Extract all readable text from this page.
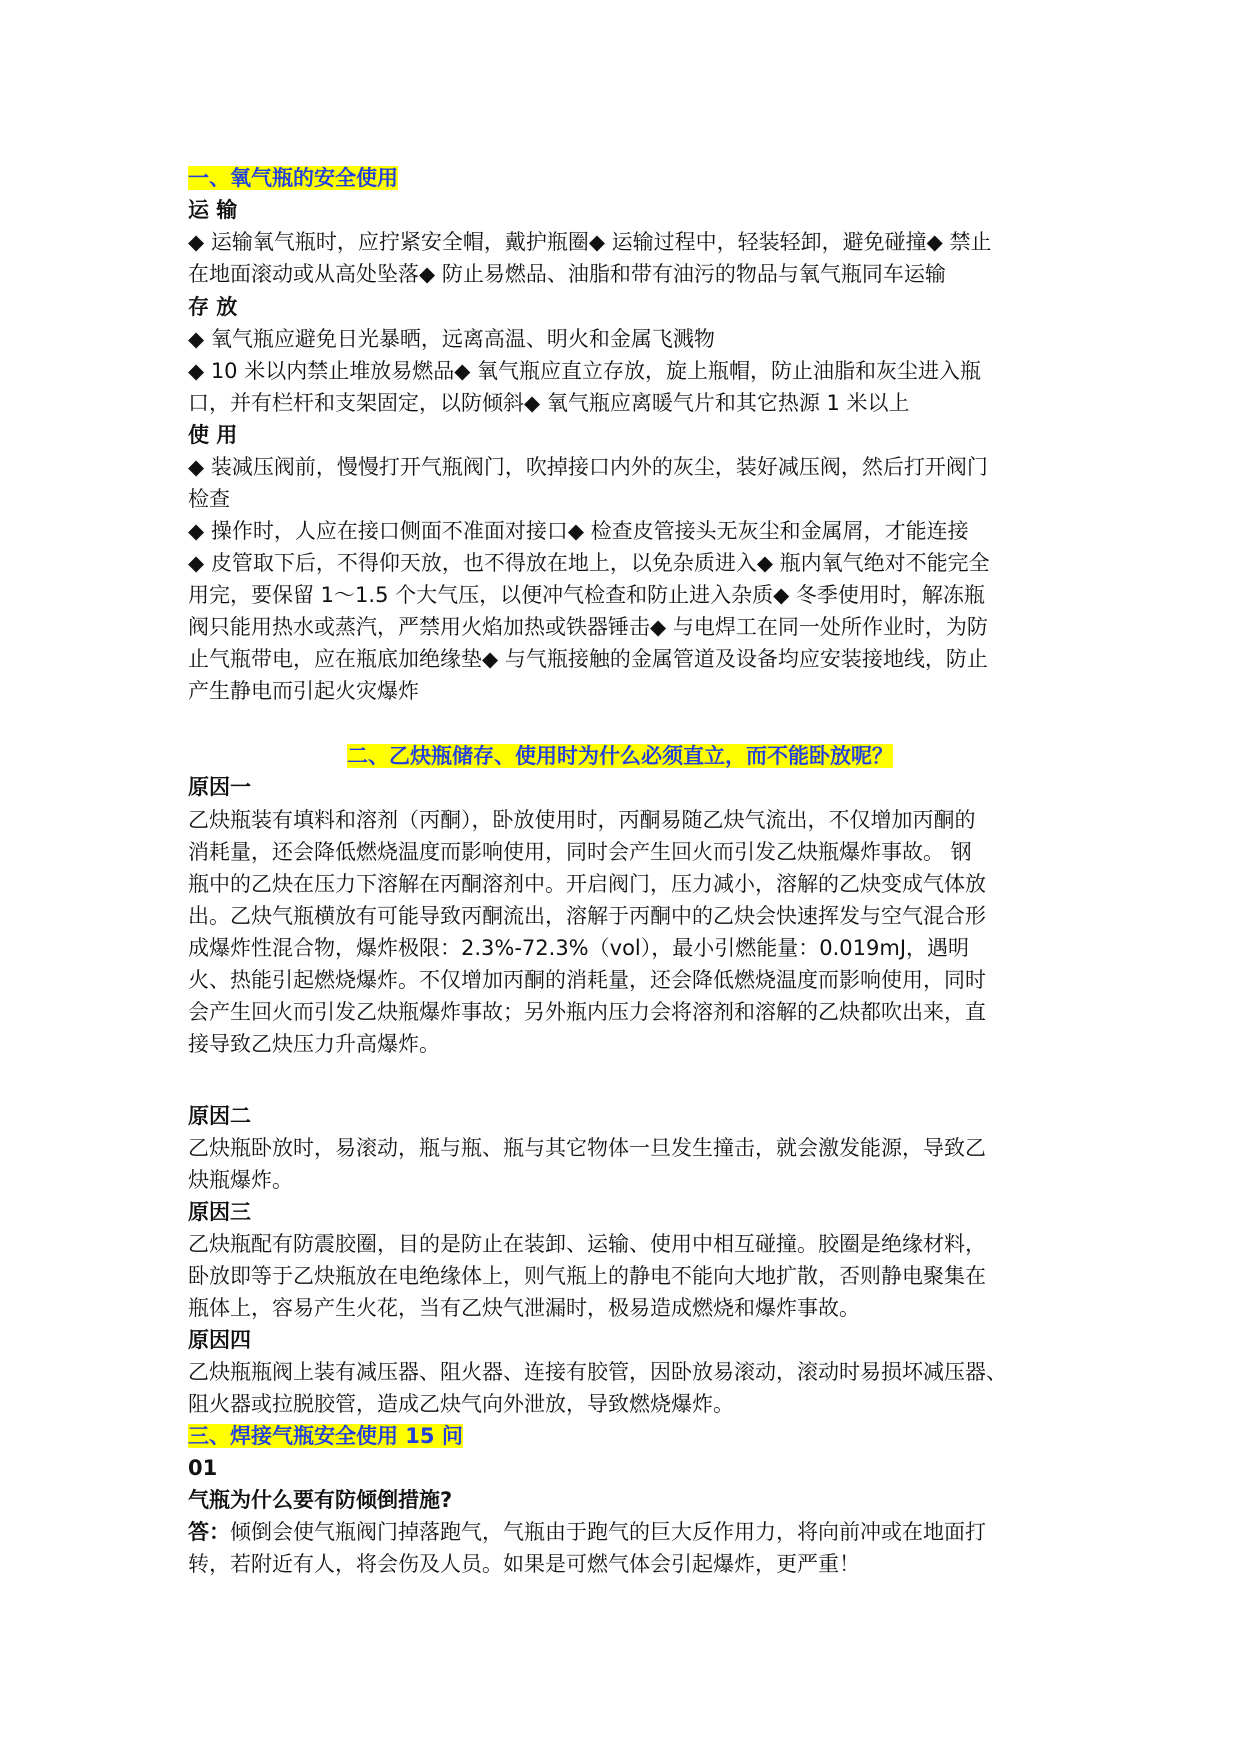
一、氧气瓶的安全使用
运 输
◆ 运输氧气瓶时，应拧紧安全帽，戴护瓶圈◆ 运输过程中，轻装轻卸，避免碰撞◆ 禁止
在地面滚动或从高处坠落◆ 防止易燃品、油脂和带有油污的物品与氧气瓶同车运输
存 放
◆ 氧气瓶应避免日光暴晒，远离高温、明火和金属飞溅物
◆ 10 米以内禁止堆放易燃品◆ 氧气瓶应直立存放，旋上瓶帽，防止油脂和灰尘进入瓶
口，并有栏杆和支架固定，以防倾斜◆ 氧气瓶应离暖气片和其它热源 1 米以上
使 用
◆ 装减压阀前，慢慢打开气瓶阀门，吹掉接口内外的灰尘，装好减压阀，然后打开阀门
检查
◆ 操作时，人应在接口侧面不准面对接口◆ 检查皮管接头无灰尘和金属屑，才能连接
◆ 皮管取下后，不得仰天放，也不得放在地上，以免杂质进入◆ 瓶内氧气绝对不能完全
用完，要保留 1～1.5 个大气压，以便冲气检查和防止进入杂质◆ 冬季使用时，解冻瓶
阀只能用热水或蒸汽，严禁用火焰加热或铁器锤击◆ 与电焊工在同一处所作业时，为防
止气瓶带电，应在瓶底加绝缘垫◆ 与气瓶接触的金属管道及设备均应安装接地线，防止
产生静电而引起火灾爆炸
二、乙炔瓶储存、使用时为什么必须直立，而不能卧放呢？
原因一
乙炔瓶装有填料和溶剂（丙酮），卧放使用时，丙酮易随乙炔气流出，不仅增加丙酮的
消耗量，还会降低燃烧温度而影响使用，同时会产生回火而引发乙炔瓶爆炸事故。 钢
瓶中的乙炔在压力下溶解在丙酮溶剂中。开启阀门，压力减小，溶解的乙炔变成气体放
出。乙炔气瓶横放有可能导致丙酮流出，溶解于丙酮中的乙炔会快速挥发与空气混合形
成爆炸性混合物，爆炸极限：2.3%-72.3%（vol），最小引燃能量：0.019mJ，遇明
火、热能引起燃烧爆炸。不仅增加丙酮的消耗量，还会降低燃烧温度而影响使用，同时
会产生回火而引发乙炔瓶爆炸事故；另外瓶内压力会将溶剂和溶解的乙炔都吹出来，直
接导致乙炔压力升高爆炸。
原因二
乙炔瓶卧放时，易滚动，瓶与瓶、瓶与其它物体一旦发生撞击，就会激发能源，导致乙
炔瓶爆炸。
原因三
乙炔瓶配有防震胶圈，目的是防止在装卸、运输、使用中相互碰撞。胶圈是绝缘材料，
卧放即等于乙炔瓶放在电绝缘体上，则气瓶上的静电不能向大地扩散，否则静电聚集在
瓶体上，容易产生火花，当有乙炔气泄漏时，极易造成燃烧和爆炸事故。
原因四
乙炔瓶瓶阀上装有减压器、阻火器、连接有胶管，因卧放易滚动，滚动时易损坏减压器、
阻火器或拉脱胶管，造成乙炔气向外泄放，导致燃烧爆炸。
三、焊接气瓶安全使用 15 问
01
气瓶为什么要有防倾倒措施?
答：倾倒会使气瓶阀门掉落跑气，气瓶由于跑气的巨大反作用力，将向前冲或在地面打
转，若附近有人，将会伤及人员。如果是可燃气体会引起爆炸，更严重！
